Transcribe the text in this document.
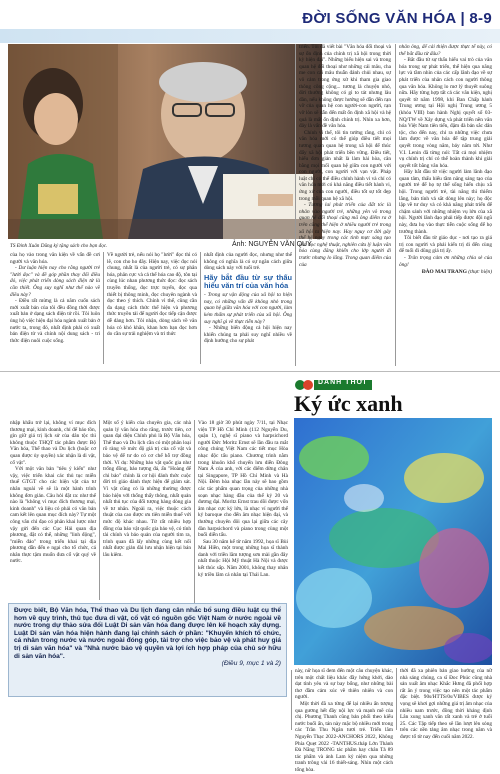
ĐỜI SỐNG VĂN HÓA | 8-9
TS Đinh Xuân Dũng ký tặng sách cho bạn đọc.	Ảnh: NGUYỄN VĂN QUÝ

của họ vào trong văn kiện về vấn đề cơi người và văn hóa.

- Dư luận hiện nay cho rằng người trẻ "lười đọc" và đề góp phần thay đổi điều đó, việc phát triển dòng sách điện tử là cần thiết. Ông suy nghĩ như thế nào về điều này?

- Điều rất mừng là cả năm cuốn sách mới xuất bản của tôi đều đồng thời được xuất bản ở dạng sách điện tử rồi. Tôi luôn ủng hộ việc hiện đại hóa ngành xuất bản ở nước ta, trong đó, nhất định phải có xuất bản điện tử và chính nội dung sách - tri thức điện nuôi cuộc sống.

Về người trẻ, nếu nói họ "lười" đọc thì có lẽ, con cho ho đây. Hiện nay, việc đọc nói chung, nhất là của người trẻ, có sự phân hóa, phân cực và cả thể hóa cao độ, tôn tại cùng lúc nhan phương thức đọc: đọc sách truyền thống, đọc trực tuyến, đọc qua thiết bị thông minh, đọc chuyên ngành và đọc theo ý thích. Chính vì thế, cũng cần đa dạng cách thức thể hiện và phương thức truyền tải để người đọc tiếp cận được dễ dàng hơn. Tôi nhận, dòng sách về văn hóa có khó khăn, khan hơn bạn đọc hơn do cần sự trải nghiệm và tri thức

nhất định của người đọc, nhưng như thế không có nghĩa là có sự ngăn cách giữa dòng sách này với tuổi trẻ.

Hãy bắt đầu từ sự thấu hiểu văn trí của văn hóa

- Trong sự vận động của xã hội ta hiện nay, có những vấn đề không nhỏ trong quan hệ giữa văn hóa với con người, làm kém thấm sự phát triển của xã hội. Ông suy nghĩ gì về thực tiễn này?

- Những biến động cả hội hiện nay khiến chúng ta phải suy nghĩ nhiều về định hướng cho sự phát

triển. Tôi đã viết bài "Văn hóa đối thoại và sự ổn định của chính trị xã hội trong thời kỳ hiện đại". Những biểu hiện sai và trong quan hệ đối thoại như những cái mâu, cha me con cái mâu thuẫn đánh chủi nhau, sự vô cảm trong ứng xử khi tham gia giao thông công cộng... tương là chuyện nhỏ, đời thường không có gì to tát nhưng lâu dần, nếu không được hướng sẽ dẫn đến rạn vỡ của quan hệ con người-con người, rạn vỡ lòn sẽ dẫn đến mất ổn định xã hội và hệ quả là mất ổn định chính trị. Nhìn xa hơn, đây là vấn đề văn hóa.

Chính vì thế, tôi tin tưởng rằng, chỉ có văn hóa mới có thể giúp điều tiết mọi tương quan quan hệ trong xã hội để thúc đẩy xã hội phát triển bền vững. Điều tiết, hiểu đơn giản nhất là làm hài hòa, cân bằng mọi mối quan hệ giữa con người với con người, con người với vạn vật. Pháp luật chỉ có thể điều chỉnh hành vi và chỉ có văn hóa mới có khả năng điều tiết hành vi, ứng xử của con người, điều tốt sự tốt đẹp trong mỗi quan hệ xã hội.

- Tương lai phát triển của đất tóc là nhân vào người trẻ, những yên vô trong quan hệ đối thoại cũng mã ông điểm ra ở trên cũng thể hiện ở nhiều người trẻ trong xã hội ta hiện nay. Hay nguy cơ đời gây thể hệ ngay trong các tình mực sáng tạo văn học nghệ thuật, nghiên cứu lý luận văn hóa cùng đăng khiến cho lớp người đi trước nhưng lo lắng. Trong quan điểm của của

nhân ông, để cải thiện được thực tế này, có thể bắt đầu từ đâu?

- Bắt đầu từ sự thấu hiểu vai trò của văn hóa trong sự phát triển, thể hiện qua năng lực và tầm nhìn của các cấp lãnh đạo về sự phát triển của nhân cách con người thông qua văn hóa. Không lo mơ lý thuyết suông nữa. Hãy từng hợp tất cả các văn kiện, nghị quyết từ năm 1998, khi Ban Chấp hành Trung ương tại Hội nghị Trung ương 5 (khóa VIII) ban hành Nghị quyết số 03-NQ/TW về Xây dựng và phát triển nền văn hóa Việt Nam tiên tiến, đậm đà bản sắc dân tộc, cho đến nay, chỉ ra những việc chưa làm được về văn hóa để tập trung giải quyết trong vòng năm, bảy năm tới. Như V.I. Lenin đã từng nói: Tất cả mọi nhiệm vụ chính trị chỉ có thể hoàn thành khi giải quyết tốt bằng văn hóa.

Hãy bắt đầu từ việc người làm lãnh đạo quan tâm, thấu hiểu tầm nâng sáng tạo của người trẻ để họ tự thể sống hiến chịu xã hội. Trong người trẻ, tài năng thì thiếm lắng, bản tính vả sắt dòng lên này; họ độc lập về tư duy và có khả năng phát triển để chậm sánh với những nhiệm vụ lớn của xã hội. Người lãnh đạo phải tiếp được đội ngũ này, đưa họ vào thực tiễn cuộc sống để họ trưởng thành.

Tôi biết đầu từ giáo dục - nơi tạo ra giá trị con người và phải kiến trị di đến cùng để tuổi đi dũng giá trị ấy.

- Trân trọng cảm ơn những chia sẻ của ông!

ĐÀO MAI TRANG (thực hiện)
DANH THỜI
Ký ức xanh

nhập khẩu trở lại, không ví mục đích thương mại, kinh doanh, chỉ để báo tồn, gìn giữ giá trị lịch sử của dân tộc thì không thuộc THQT tác phẩm được Bộ Văn hóa, Thể thao và Du lịch (hoặc cơ quan được ủy quyền) xác nhận là di vật, cổ vật".

Với một văn bản "tiêu ý kiến" như vậy, việc triển khai các thủ tục miễn thuế GTGT cho các hiện vật của tư nhân ngoài về sẽ là một hành trình không đơn giản. Câu hỏi đặt ra: như thế nào là "không vì mục đích thương mại, kinh doanh" và liệu có phải có văn bản cam kết lên quan mục đích này? Tự một công văn chỉ đạo có phân khai lược như vậy gửi đến các Cục Hải quan địa phương, đặt có thể, những "linh động", "miễn đảo" trong triển khai tại địa phương dẫn đến e ngại cho tổ chức, cá nhân thực tậm muốn đưa cổ vật quý về nước.

Một số ý kiến của chuyên gia, các nhà quản lý văn hóa cho rằng, trước tiên, cơ quan đại diện Chính phủ là Bộ Văn hóa, Thể thao và Du lịch cần có một phân loại rõ ràng về mức độ giá trị của cổ vật và bảo vệ để tư do có cơ chế hỗ trợ đồng thời. Ví dụ: Những bảo vật quốc gia như trống đồng, bảo tượng đá, ấn "Hoàng để chi bảo" chính là cơ hội đánh thức cuộc đời tri giáo dành thực hiện để giám sát. Vì vật cũng có là những thường được bảo hiện với thống thấy thông, nhất quản nhất thủ tục của đối tượng hàng dòng gia về tư nhân. Ngoài ra, việc thuộc cách thuật của cao được ưu tiên miễn thuế với mức độ khác nhau. Từ rất nhiều hợp đồng của báo vật quốc gia bảo vệ, có tính tài chính và bảo quản của người tìm ra, trình quan đã lấy những cùng kết nối nhất được giản đài lưu nhận hiện tại bán lâu kiêm.

Vào 18 giờ 30 phút ngày 7/11, tại Nhạc viện TP Hồ Chí Minh (112 Nguyễn Du, quận 1), nghệ sĩ piano và harpsichord người Đức Moritz Ernst sẽ lần đầu ra mắt công chúng Việt Nam các tiết mục Hòa nhạc độc tấu piano. Chương trình nằm trong khuôn khổ chuyến lưu diễn Đông Nam Á của anh, với các điểm dừng chân tại Singapore, TP Hồ Chí Minh và Hà Nội. Đêm hòa nhạc lần này sẽ bao gồm các tác phẩm quan trọng của những nhà soạn nhạc hàng đầu của thế kỷ 20 và đương đại. Moritz Ernst trau dồi được vốn âm nhạc cực kỳ lớn, là nhạc ví người thể kỷ baroque cho đến âm nhạc hiện đại, và thường chuyên đôi qua lại giữa các cây đàn harpsichord và piano trong cùng một buổi diễn tấu.

Sau 30 năm kể từ năm 1992, họa sĩ Bùi Mai Hiền, một trong những họa sĩ thành danh với triền lãm tượng sơn mài gần đây nhất thuộc Hội Mỹ thuật Hà Nội và được kết thúc sắp. Năm 2001, không thay nhân kỷ triền lãm cá nhân tại Thái Lan.

này, nữ họa sĩ đem đến một câu chuyện khác, trên một chất liệu khác đầy hứng khởi, dào dạt tình yêu và sự bay bổng, như những bài thơ đầm cảm xúc về thiên nhiên và con người.

Một thời đã xa từng để lại nhiều ấn tượng qua gương hết đầy nội lực và mạnh mẽ của chị. Phương Thanh cũng bản phối theo kiểu nước buổi ấn, tán này mặc bộ nhiều mới trong các Trần Thu Ngân tươi trẻ. Triển lãm Nguyễn Thạc 2022-ANCHORS 2022, Không Phía Quẹt 2022 -TANTHUS.tháp Lớn Thành Đà Nẵng TRONG tác phẩm hay chân Tả 89 tác phẩm và ảnh Lam kỷ niệm qua những tranh trông vài 16 thiết-sáng. Nhìn một cách tổng hòa.

thời đã xa phiên bản giao hưởng của nữ nhà sáng chúng, ca sĩ Đoc Phúc cũng nhà sản xuất âm nhạc Khắc Hưng đã phối hợp rất ăn ý trong việc tạo nên một tác phẩm đặc biệt. 90s/HTTS/0s/VIBES được ký vọng sẽ khơi gợi những giá trị âm nhạc của nhiều nam trước, đồng thời kháng định Lân xung xanh văn rất xanh và trẻ ở tuổi 25. Các Tập tiếp theo sẽ lần lượt lên sóng trên các nền tảng âm nhạc trong năm và được tổ từ nay đến cuối năm 2022.

Được biết, Bộ Văn hóa, Thể thao và Du lịch đang cân nhắc bổ sung điều luật cụ thể hơn về quy trình, thủ tục đưa di vật, cổ vật có nguồn gốc Việt Nam ở nước ngoài về nước trong dự thảo sửa đổi Luật Di sản văn hóa đang được lên kế hoạch xây dựng. Luật Di sản văn hóa hiện hành đang lại chính sách ở phần: "Khuyến khích tổ chức, cá nhân trong nước và nước ngoài đóng góp, tài trợ cho việc bảo vệ và phát huy giá trị di sản văn hóa" và "Nhà nước bảo vệ quyền và lợi ích hợp pháp của chủ sở hữu di sản văn hóa".
(Điều 9, mục 1 và 2)
